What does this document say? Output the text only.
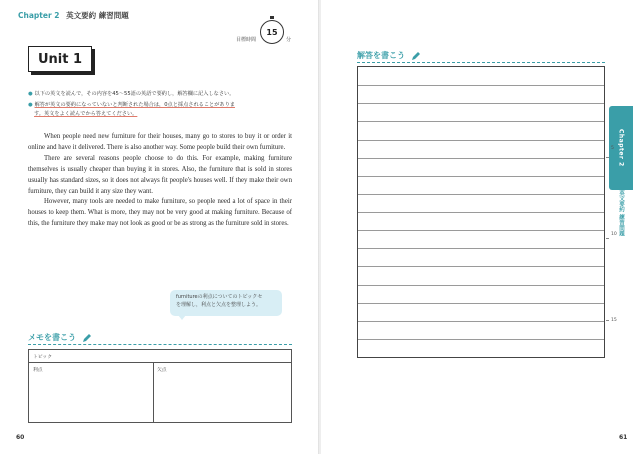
Chapter 2 英文要約 練習問題
目標時間
15
分
Unit 1
● 以下の英文を読んで，その内容を45〜55語の英語で要約し，解答欄に記入しなさい。
● 解答が英文の要約になっていないと判断された場合は，0点と採点されることがありま
す。英文をよく読んでから答えてください。

When people need new furniture for their houses, many go to stores to buy it or order it online and have it delivered. There is also another way. Some people build their own furniture.

There are several reasons people choose to do this. For example, making furniture themselves is usually cheaper than buying it in stores. Also, the furniture that is sold in stores usually has standard sizes, so it does not always fit people's houses well. If they make their own furniture, they can build it any size they want.

However, many tools are needed to make furniture, so people need a lot of space in their houses to keep them. What is more, they may not be very good at making furniture. Because of this, the furniture they make may not look as good or be as strong as the furniture sold in stores.

furnitureの利点についてのトピックセ
を理解し，利点と欠点を整理しよう。
メモを書こう
トピック
利点	欠点
60	61
解答を書こう
Chapter 2
英文要約 練習問題
5
10
15
